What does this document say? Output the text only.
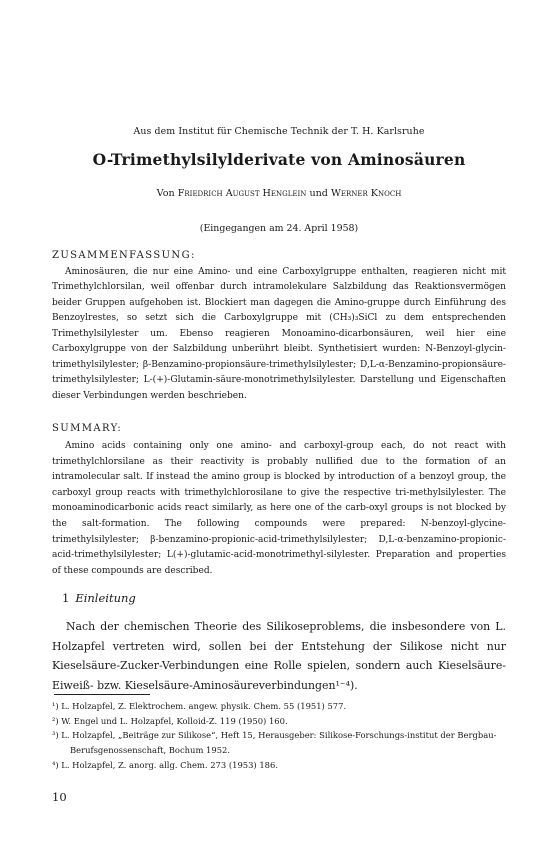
Aus dem Institut für Chemische Technik der T. H. Karlsruhe
O-Trimethylsilylderivate von Aminosäuren
Von Friedrich August Henglein und Werner Knoch
(Eingegangen am 24. April 1958)
ZUSAMMENFASSUNG:

Aminosäuren, die nur eine Amino- und eine Carboxylgruppe enthalten, reagieren nicht mit Trimethylchlorsilan, weil offenbar durch intramolekulare Salzbildung das Reaktionsvermögen beider Gruppen aufgehoben ist. Blockiert man dagegen die Amino-gruppe durch Einführung des Benzoylrestes, so setzt sich die Carboxylgruppe mit (CH₃)₃SiCl zu dem entsprechenden Trimethylsilylester um. Ebenso reagieren Monoamino-dicarbonsäuren, weil hier eine Carboxylgruppe von der Salzbildung unberührt bleibt. Synthetisiert wurden: N-Benzoyl-glycin-trimethylsilylester; β-Benzamino-propionsäure-trimethylsilylester; D,L-α-Benzamino-propionsäure-trimethylsilylester; L-(+)-Glutamin-säure-monotrimethylsilylester. Darstellung und Eigenschaften dieser Verbindungen werden beschrieben.

SUMMARY:

Amino acids containing only one amino- and carboxyl-group each, do not react with trimethylchlorsilane as their reactivity is probably nullified due to the formation of an intramolecular salt. If instead the amino group is blocked by introduction of a benzoyl group, the carboxyl group reacts with trimethylchlorosilane to give the respective tri-methylsilylester. The monoaminodicarbonic acids react similarly, as here one of the carb-oxyl groups is not blocked by the salt-formation. The following compounds were prepared: N-benzoyl-glycine-trimethylsilylester; β-benzamino-propionic-acid-trimethylsilylester; D,L-α-benzamino-propionic-acid-trimethylsilylester; L(+)-glutamic-acid-monotrimethyl-silylester. Preparation and properties of these compounds are described.

1 Einleitung

Nach der chemischen Theorie des Silikoseproblems, die insbesondere von L. Holzapfel vertreten wird, sollen bei der Entstehung der Silikose nicht nur Kieselsäure-Zucker-Verbindungen eine Rolle spielen, sondern auch Kieselsäure-Eiweiß- bzw. Kieselsäure-Aminosäureverbindungen¹⁻⁴).

¹) L. Holzapfel, Z. Elektrochem. angew. physik. Chem. 55 (1951) 577.
²) W. Engel und L. Holzapfel, Kolloid-Z. 119 (1950) 160.
³) L. Holzapfel, „Beiträge zur Silikose“, Heft 15, Herausgeber: Silikose-Forschungs-institut der Bergbau-Berufsgenossenschaft, Bochum 1952.
⁴) L. Holzapfel, Z. anorg. allg. Chem. 273 (1953) 186.
10
